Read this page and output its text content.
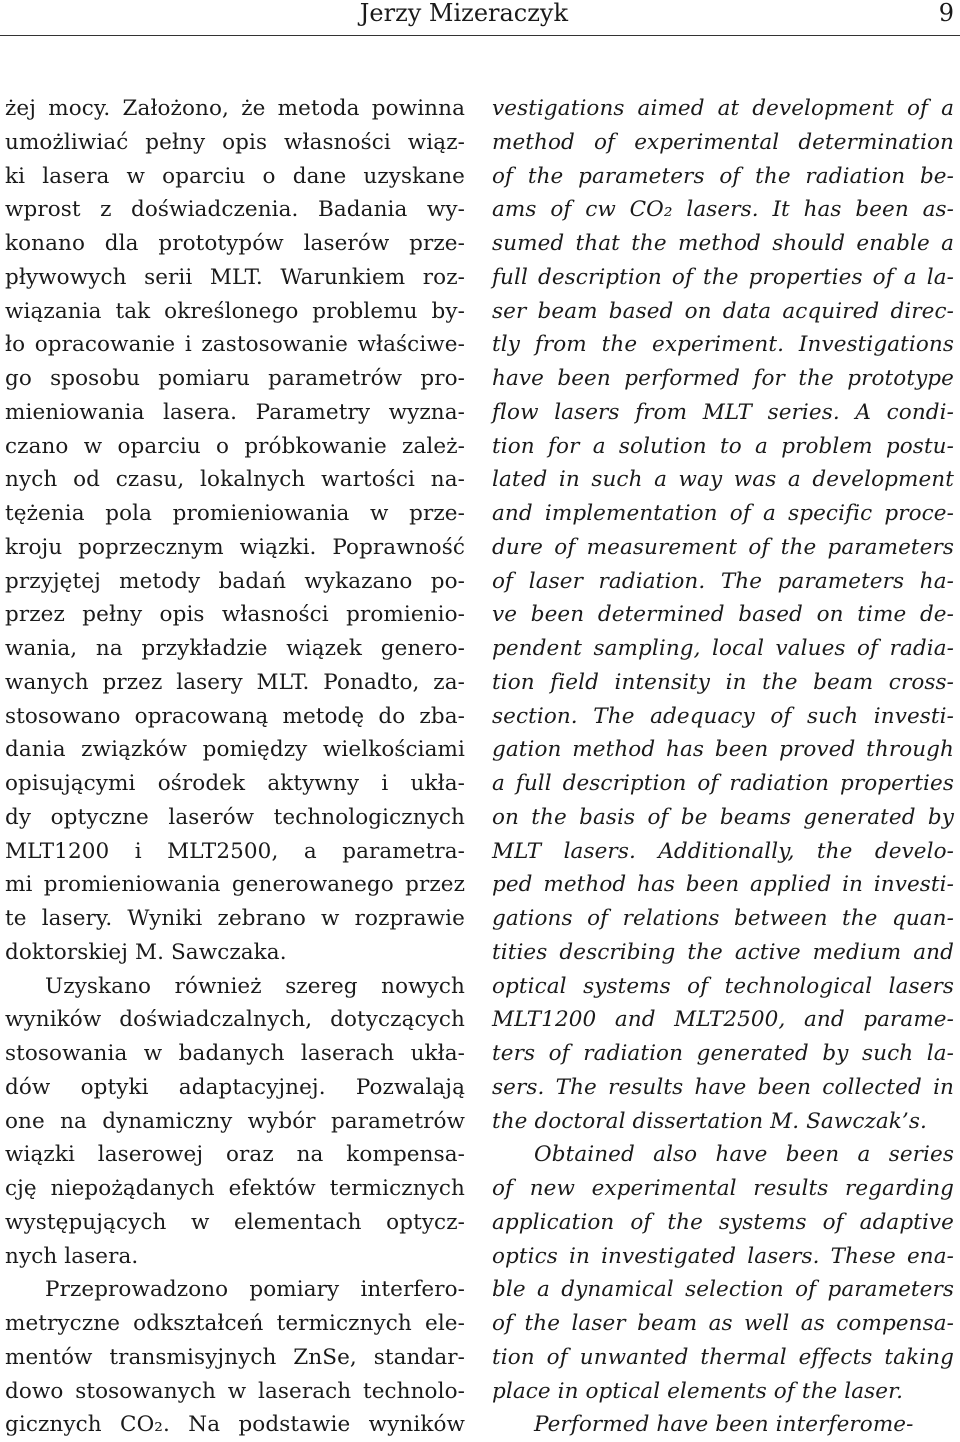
Jerzy Mizeraczyk	9
żej mocy. Założono, że metoda powinna
umożliwiać pełny opis własności wiąz-
ki lasera w oparciu o dane uzyskane
wprost z doświadczenia. Badania wy-
konano dla prototypów laserów prze-
pływowych serii MLT. Warunkiem roz-
wiązania tak określonego problemu by-
ło opracowanie i zastosowanie właściwe-
go sposobu pomiaru parametrów pro-
mieniowania lasera. Parametry wyzna-
czano w oparciu o próbkowanie zależ-
nych od czasu, lokalnych wartości na-
tężenia pola promieniowania w prze-
kroju poprzecznym wiązki. Poprawność
przyjętej metody badań wykazano po-
przez pełny opis własności promienio-
wania, na przykładzie wiązek genero-
wanych przez lasery MLT. Ponadto, za-
stosowano opracowaną metodę do zba-
dania związków pomiędzy wielkościami
opisującymi ośrodek aktywny i ukła-
dy optyczne laserów technologicznych
MLT1200 i MLT2500, a parametra-
mi promieniowania generowanego przez
te lasery. Wyniki zebrano w rozprawie
doktorskiej M. Sawczaka.
Uzyskano również szereg nowych
wyników doświadczalnych, dotyczących
stosowania w badanych laserach ukła-
dów optyki adaptacyjnej. Pozwalają
one na dynamiczny wybór parametrów
wiązki laserowej oraz na kompensa-
cję niepożądanych efektów termicznych
występujących w elementach optycz-
nych lasera.
Przeprowadzono pomiary interfero-
metryczne odkształceń termicznych ele-
mentów transmisyjnych ZnSe, standar-
dowo stosowanych w laserach technolo-
gicznych CO₂. Na podstawie wyników
vestigations aimed at development of a
method of experimental determination
of the parameters of the radiation be-
ams of cw CO₂ lasers. It has been as-
sumed that the method should enable a
full description of the properties of a la-
ser beam based on data acquired direc-
tly from the experiment. Investigations
have been performed for the prototype
flow lasers from MLT series. A condi-
tion for a solution to a problem postu-
lated in such a way was a development
and implementation of a specific proce-
dure of measurement of the parameters
of laser radiation. The parameters ha-
ve been determined based on time de-
pendent sampling, local values of radia-
tion field intensity in the beam cross-
section. The adequacy of such investi-
gation method has been proved through
a full description of radiation properties
on the basis of be beams generated by
MLT lasers. Additionally, the develo-
ped method has been applied in investi-
gations of relations between the quan-
tities describing the active medium and
optical systems of technological lasers
MLT1200 and MLT2500, and parame-
ters of radiation generated by such la-
sers. The results have been collected in
the doctoral dissertation M. Sawczak’s.
Obtained also have been a series
of new experimental results regarding
application of the systems of adaptive
optics in investigated lasers. These ena-
ble a dynamical selection of parameters
of the laser beam as well as compensa-
tion of unwanted thermal effects taking
place in optical elements of the laser.
Performed have been interferome-
